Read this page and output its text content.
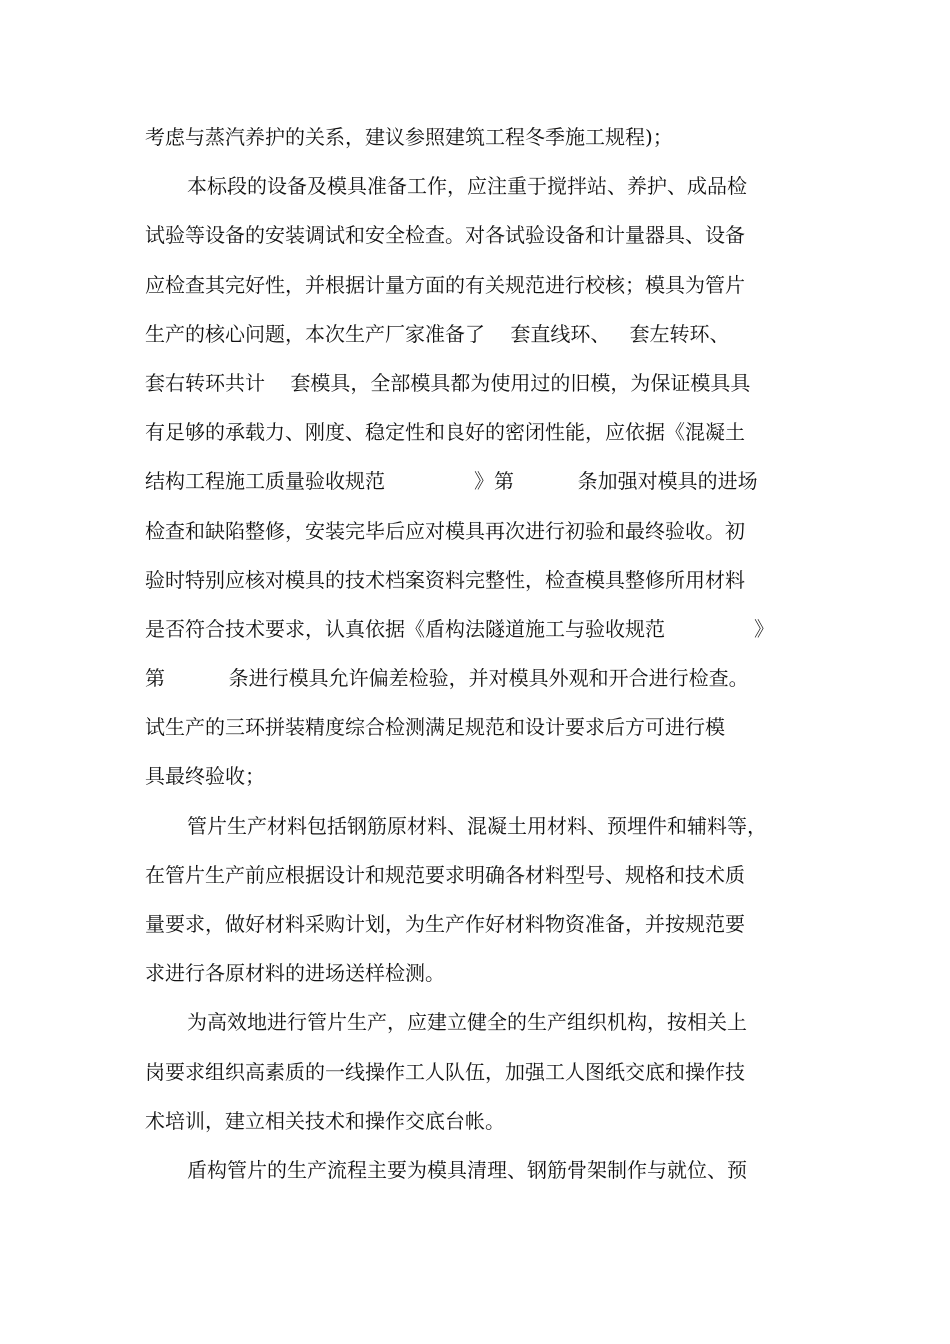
考虑与蒸汽养护的关系，建议参照建筑工程冬季施工规程)；
本标段的设备及模具准备工作，应注重于搅拌站、养护、成品检
试验等设备的安装调试和安全检查。对各试验设备和计量器具、设备
应检查其完好性，并根据计量方面的有关规范进行校核；模具为管片
生产的核心问题，本次生产厂家准备了    套直线环、   套左转环、
套右转环共计    套模具，全部模具都为使用过的旧模，为保证模具具
有足够的承载力、刚度、稳定性和良好的密闭性能，应依据《混凝土
结构工程施工质量验收规范              》第          条加强对模具的进场
检查和缺陷整修，安装完毕后应对模具再次进行初验和最终验收。初
验时特别应核对模具的技术档案资料完整性，检查模具整修所用材料
是否符合技术要求，认真依据《盾构法隧道施工与验收规范              》
第          条进行模具允许偏差检验，并对模具外观和开合进行检查。
试生产的三环拼装精度综合检测满足规范和设计要求后方可进行模
具最终验收；
管片生产材料包括钢筋原材料、混凝土用材料、预埋件和辅料等，
在管片生产前应根据设计和规范要求明确各材料型号、规格和技术质
量要求，做好材料采购计划，为生产作好材料物资准备，并按规范要
求进行各原材料的进场送样检测。
为高效地进行管片生产，应建立健全的生产组织机构，按相关上
岗要求组织高素质的一线操作工人队伍，加强工人图纸交底和操作技
术培训，建立相关技术和操作交底台帐。
盾构管片的生产流程主要为模具清理、钢筋骨架制作与就位、预
